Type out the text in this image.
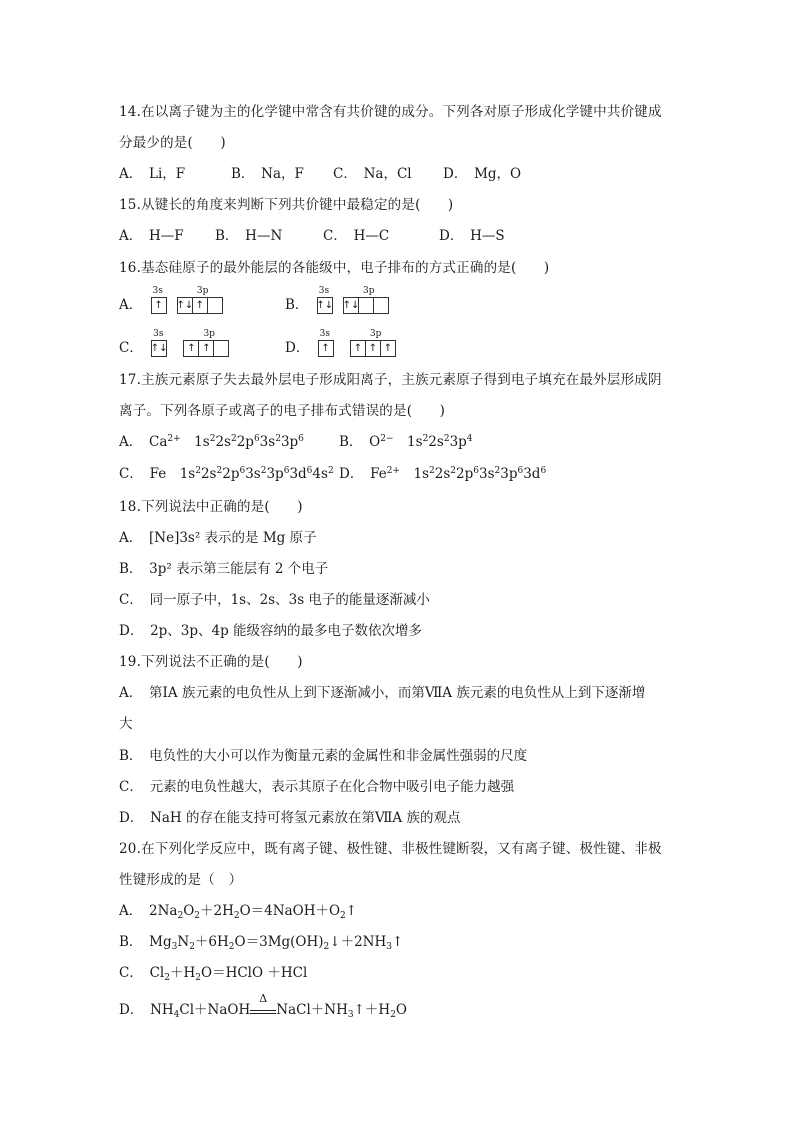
14.在以离子键为主的化学键中常含有共价键的成分。下列各对原子形成化学键中共价键成
分最少的是(　　)
A．　Li，F	B．　Na，F C．　Na，Cl D．　Mg，O
15.从键长的角度来判断下列共价键中最稳定的是(　　)
A．　H—F B．　H—N	C．　H—C	D．　H—S
16.基态硅原子的最外能层的各能级中，电子排布的方式正确的是(　　)
A．
3s
↑

3p
↑↓ ↑	B．
3s
↑↓

3p
↑↓
C．
3s
↑↓

3p
↑ ↑	D．
3s
↑

3p
↑ ↑ ↑
17.主族元素原子失去最外层电子形成阳离子，主族元素原子得到电子填充在最外层形成阴
离子。下列各原子或离子的电子排布式错误的是(　　)
A．　$Ca^{2+}$　$1s^22s^22p^63s^23p^6$	B．　$O^{2-}$　$1s^22s^23p^4$
C．　Fe　$1s^22s^22p^63s^23p^63d^64s^2$ D．　$Fe^{2+}$　$1s^22s^22p^63s^23p^63d^6$
18.下列说法中正确的是(　　)
A．　[Ne]3s² 表示的是 Mg 原子
B．　3p² 表示第三能层有 2 个电子
C．　同一原子中，1s、2s、3s 电子的能量逐渐减小
D．　2p、3p、4p 能级容纳的最多电子数依次增多
19.下列说法不正确的是(　　)
A．　第ⅠA 族元素的电负性从上到下逐渐减小，而第ⅦA 族元素的电负性从上到下逐渐增
大
B．　电负性的大小可以作为衡量元素的金属性和非金属性强弱的尺度
C．　元素的电负性越大，表示其原子在化合物中吸引电子能力越强
D．　NaH 的存在能支持可将氢元素放在第ⅦA 族的观点
20.在下列化学反应中，既有离子键、极性键、非极性键断裂，又有离子键、极性键、非极
性键形成的是（　）
A．　$2Na_2O_2+2H_2O=4NaOH+O_2↑$
B．　$Mg_3N_2+6H_2O=3Mg(OH)_2↓+2NH_3↑$
C．　$Cl_2+H_2O=HClO +HCl$
D．　$NH_4Cl+NaOH$
Δ
$NaCl+NH_3↑+H_2O$
